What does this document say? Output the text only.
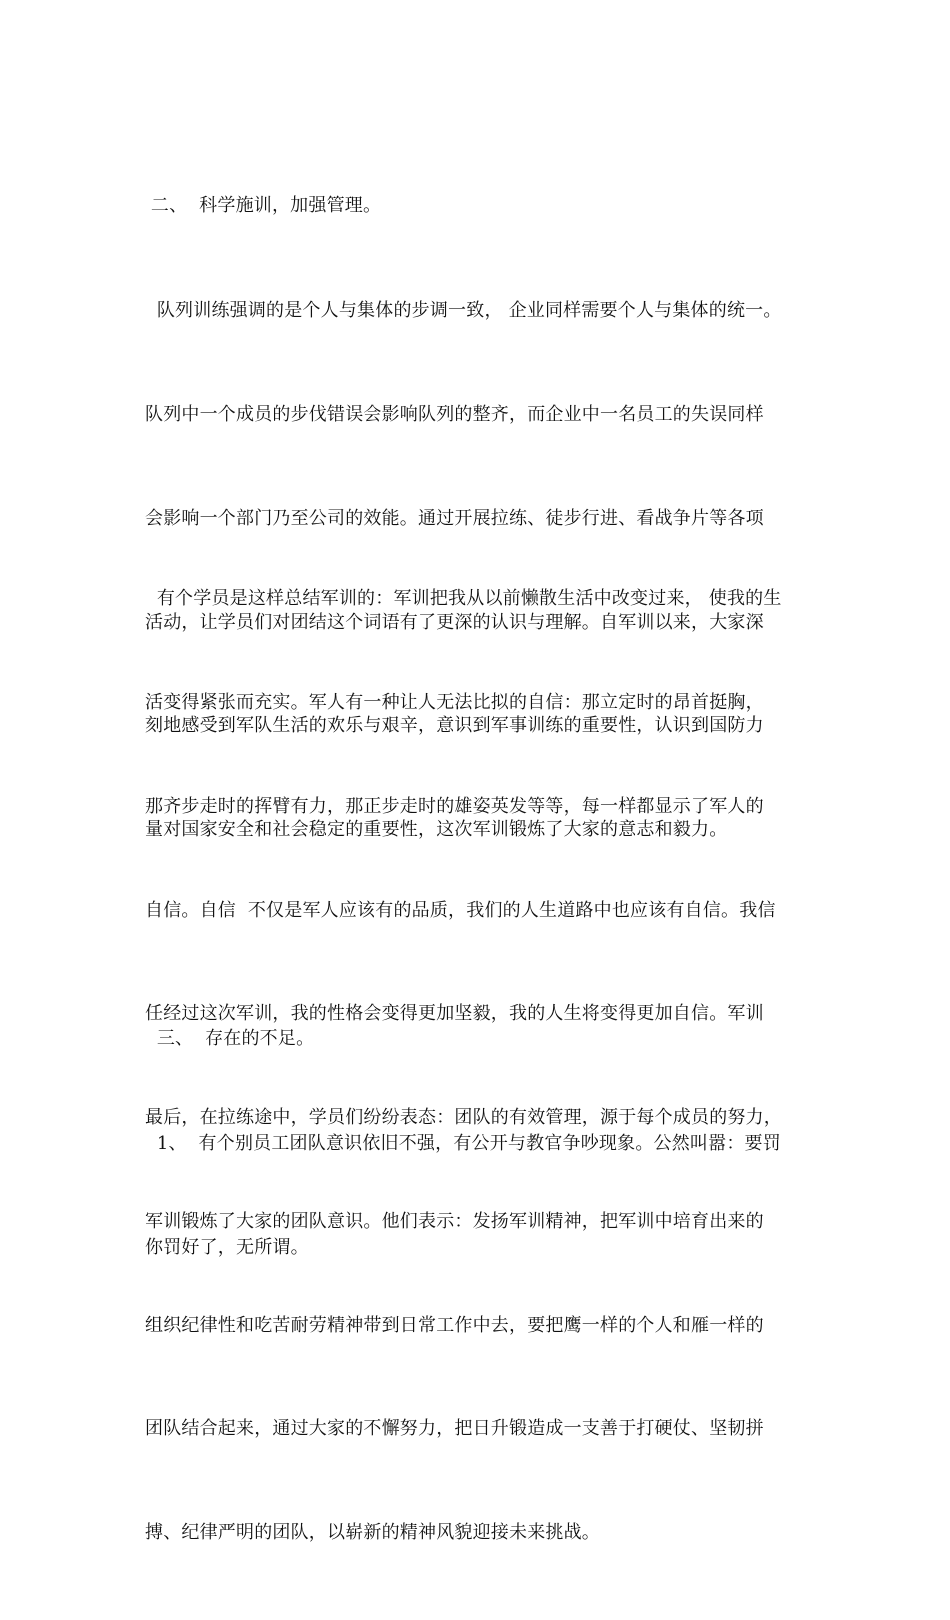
二、  科学施训，加强管理。

队列训练强调的是个人与集体的步调一致， 企业同样需要个人与集体的统一。

队列中一个成员的步伐错误会影响队列的整齐，而企业中一名员工的失误同样

会影响一个部门乃至公司的效能。通过开展拉练、徒步行进、看战争片等各项

活动，让学员们对团结这个词语有了更深的认识与理解。自军训以来，大家深

刻地感受到军队生活的欢乐与艰辛，意识到军事训练的重要性，认识到国防力

量对国家安全和社会稳定的重要性，这次军训锻炼了大家的意志和毅力。

有个学员是这样总结军训的：军训把我从以前懒散生活中改变过来， 使我的生

活变得紧张而充实。军人有一种让人无法比拟的自信：那立定时的昂首挺胸，

那齐步走时的挥臂有力，那正步走时的雄姿英发等等，每一样都显示了军人的

自信。自信  不仅是军人应该有的品质，我们的人生道路中也应该有自信。我信

任经过这次军训，我的性格会变得更加坚毅，我的人生将变得更加自信。军训

最后，在拉练途中，学员们纷纷表态：团队的有效管理，源于每个成员的努力，

军训锻炼了大家的团队意识。他们表示：发扬军训精神，把军训中培育出来的

组织纪律性和吃苦耐劳精神带到日常工作中去，要把鹰一样的个人和雁一样的

团队结合起来，通过大家的不懈努力，把日升锻造成一支善于打硬仗、坚韧拼

搏、纪律严明的团队，以崭新的精神风貌迎接未来挑战。

三、  存在的不足。

1、  有个别员工团队意识依旧不强，有公开与教官争吵现象。公然叫嚣：要罚

你罚好了，无所谓。
